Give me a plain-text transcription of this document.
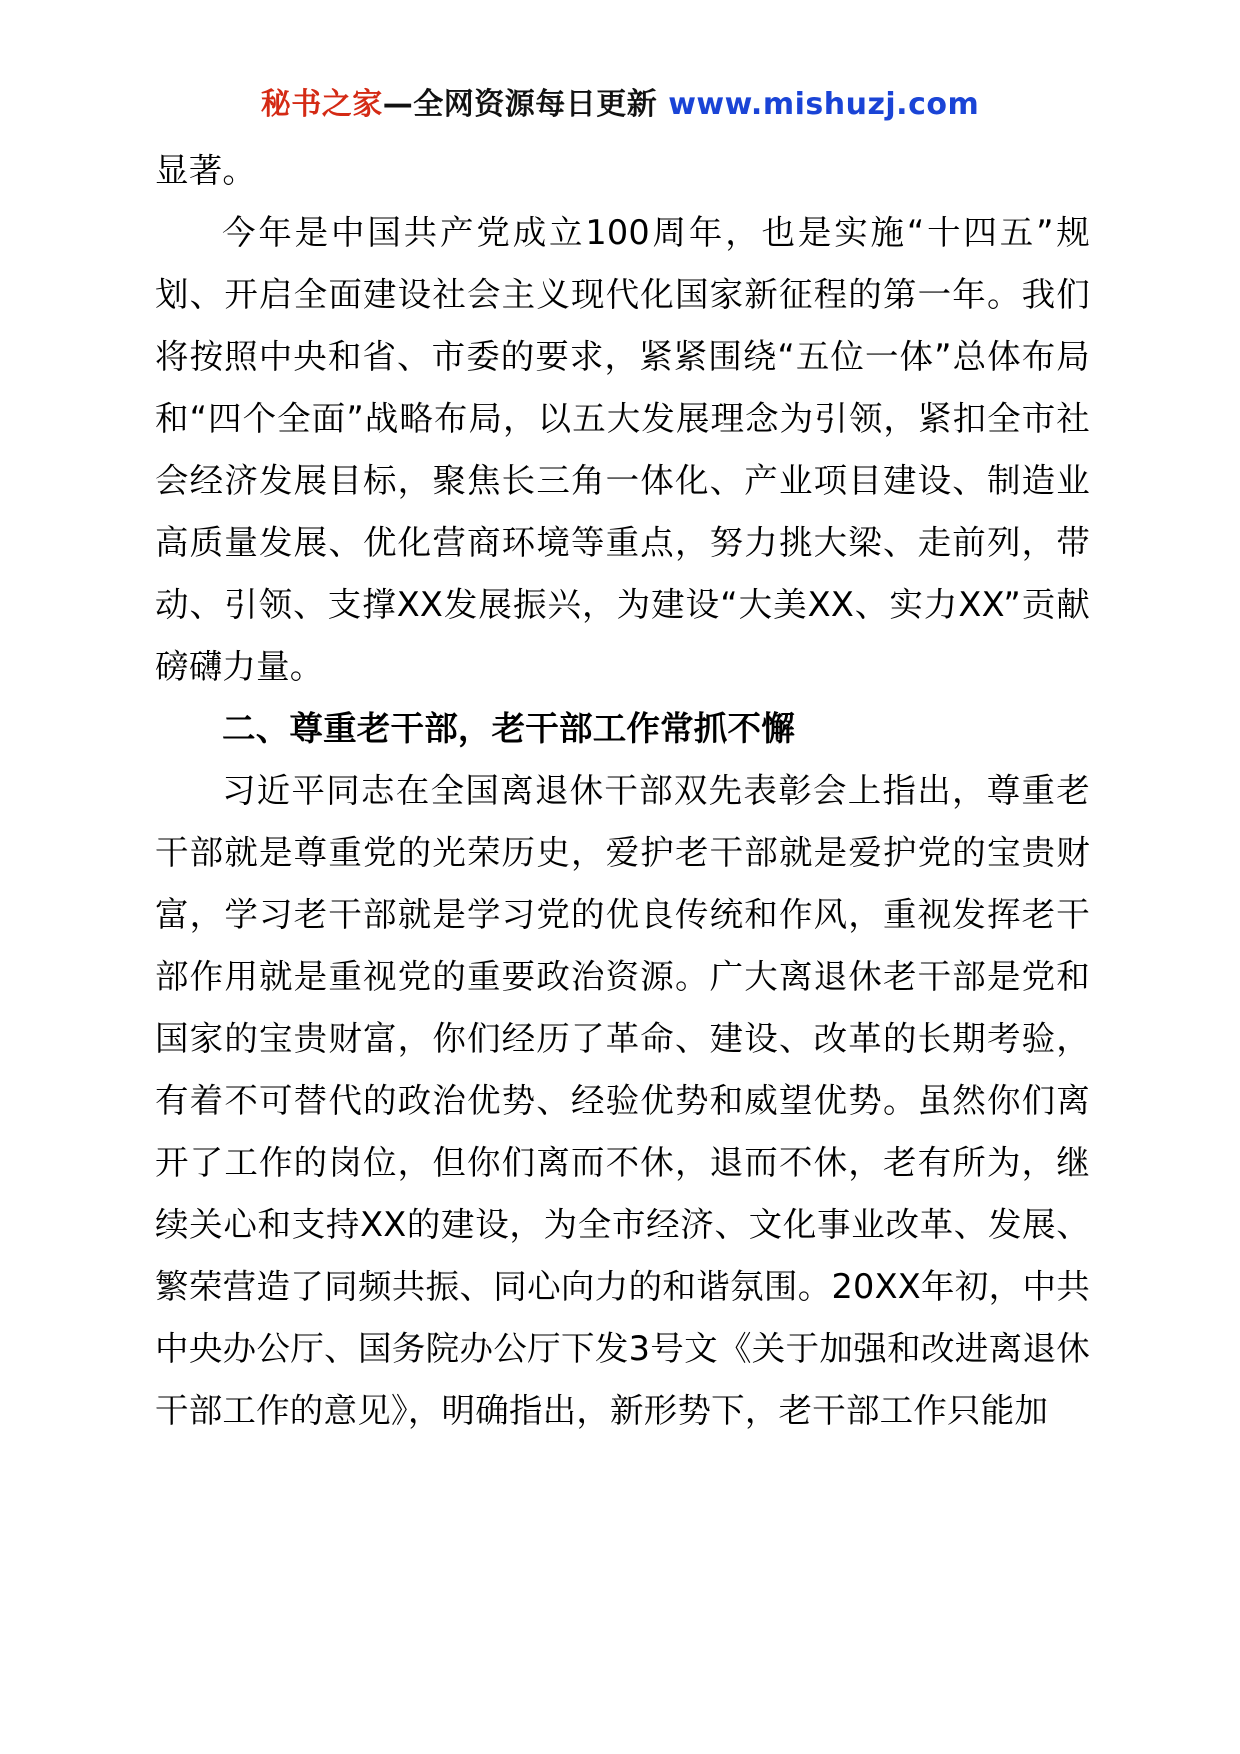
秘书之家—全网资源每日更新 www.mishuzj.com

显著。

今年是中国共产党成立100周年，也是实施“十四五”规划、开启全面建设社会主义现代化国家新征程的第一年。我们将按照中央和省、市委的要求，紧紧围绕“五位一体”总体布局和“四个全面”战略布局，以五大发展理念为引领，紧扣全市社会经济发展目标，聚焦长三角一体化、产业项目建设、制造业高质量发展、优化营商环境等重点，努力挑大梁、走前列，带动、引领、支撑XX发展振兴，为建设“大美XX、实力XX”贡献磅礴力量。

二、尊重老干部，老干部工作常抓不懈

习近平同志在全国离退休干部双先表彰会上指出，尊重老干部就是尊重党的光荣历史，爱护老干部就是爱护党的宝贵财富，学习老干部就是学习党的优良传统和作风，重视发挥老干部作用就是重视党的重要政治资源。广大离退休老干部是党和国家的宝贵财富，你们经历了革命、建设、改革的长期考验，有着不可替代的政治优势、经验优势和威望优势。虽然你们离开了工作的岗位，但你们离而不休，退而不休，老有所为，继续关心和支持XX的建设，为全市经济、文化事业改革、发展、繁荣营造了同频共振、同心向力的和谐氛围。20XX年初，中共中央办公厅、国务院办公厅下发3号文《关于加强和改进离退休干部工作的意见》，明确指出，新形势下，老干部工作只能加
